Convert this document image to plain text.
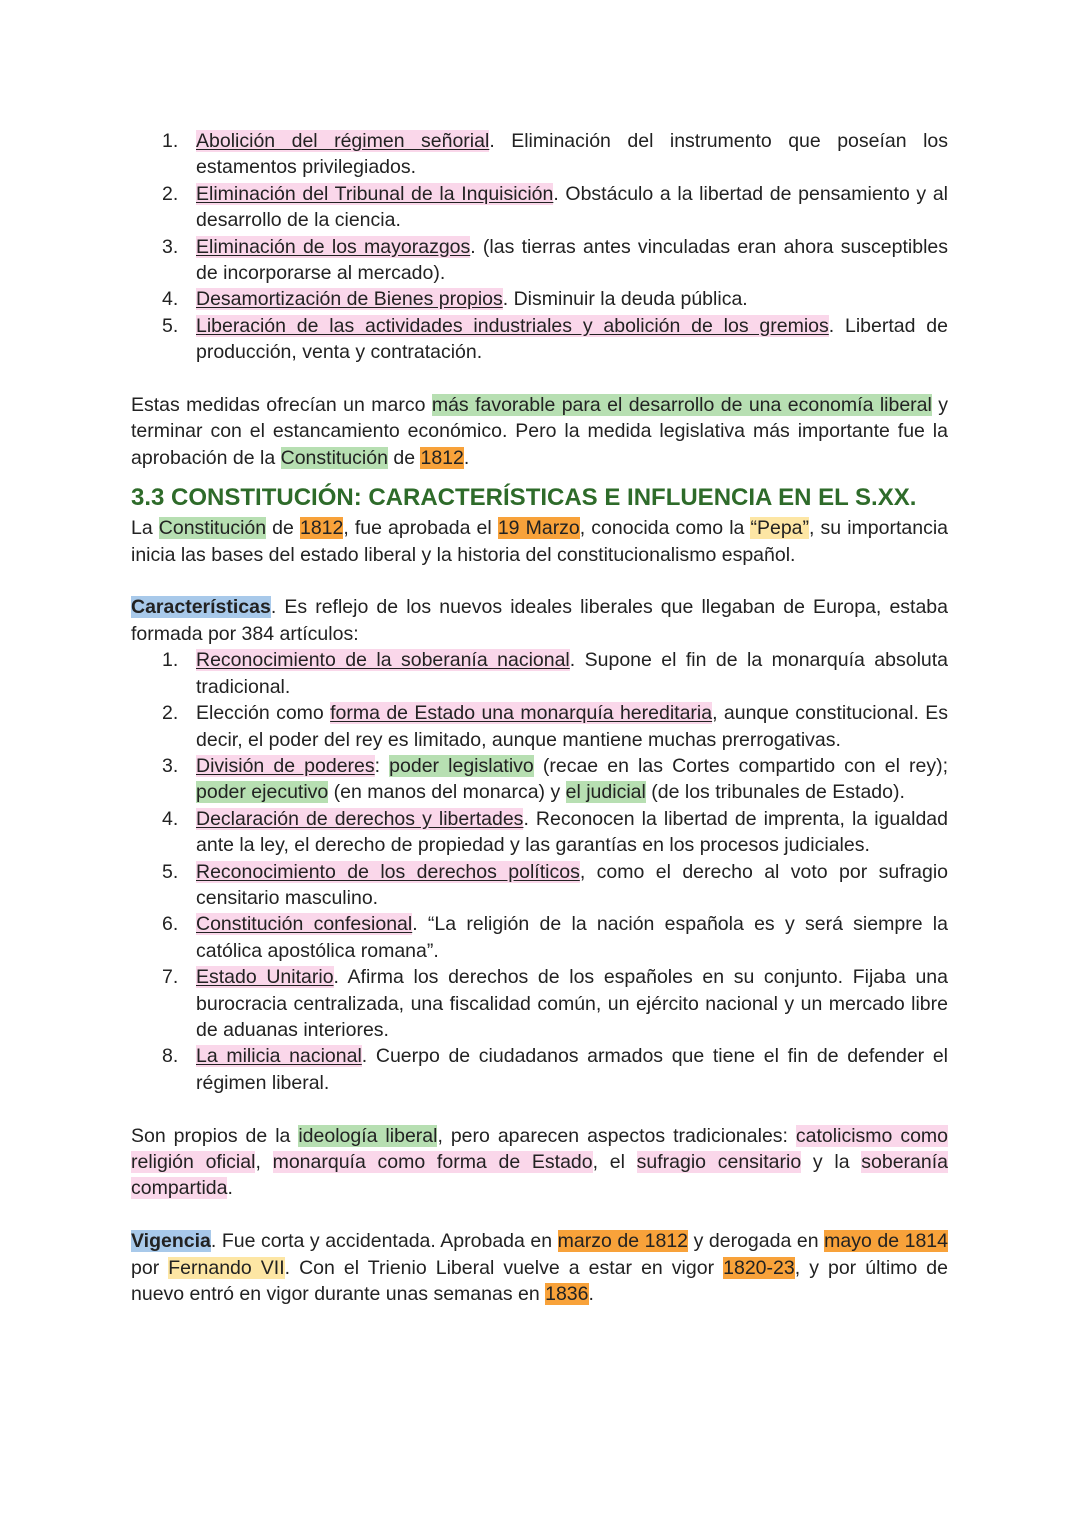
1. Abolición del régimen señorial. Eliminación del instrumento que poseían los estamentos privilegiados.
2. Eliminación del Tribunal de la Inquisición. Obstáculo a la libertad de pensamiento y al desarrollo de la ciencia.
3. Eliminación de los mayorazgos. (las tierras antes vinculadas eran ahora susceptibles de incorporarse al mercado).
4. Desamortización de Bienes propios. Disminuir la deuda pública.
5. Liberación de las actividades industriales y abolición de los gremios. Libertad de producción, venta y contratación.

Estas medidas ofrecían un marco más favorable para el desarrollo de una economía liberal y terminar con el estancamiento económico. Pero la medida legislativa más importante fue la aprobación de la Constitución de 1812.

3.3 CONSTITUCIÓN: CARACTERÍSTICAS E INFLUENCIA EN EL S.XX.

La Constitución de 1812, fue aprobada el 19 Marzo, conocida como la “Pepa”, su importancia inicia las bases del estado liberal y la historia del constitucionalismo español.

Características. Es reflejo de los nuevos ideales liberales que llegaban de Europa, estaba formada por 384 artículos:

1. Reconocimiento de la soberanía nacional. Supone el fin de la monarquía absoluta tradicional.
2. Elección como forma de Estado una monarquía hereditaria, aunque constitucional. Es decir, el poder del rey es limitado, aunque mantiene muchas prerrogativas.
3. División de poderes: poder legislativo (recae en las Cortes compartido con el rey); poder ejecutivo (en manos del monarca) y el judicial (de los tribunales de Estado).
4. Declaración de derechos y libertades. Reconocen la libertad de imprenta, la igualdad ante la ley, el derecho de propiedad y las garantías en los procesos judiciales.
5. Reconocimiento de los derechos políticos, como el derecho al voto por sufragio censitario masculino.
6. Constitución confesional. “La religión de la nación española es y será siempre la católica apostólica romana”.
7. Estado Unitario. Afirma los derechos de los españoles en su conjunto. Fijaba una burocracia centralizada, una fiscalidad común, un ejército nacional y un mercado libre de aduanas interiores.
8. La milicia nacional. Cuerpo de ciudadanos armados que tiene el fin de defender el régimen liberal.

Son propios de la ideología liberal, pero aparecen aspectos tradicionales: catolicismo como religión oficial, monarquía como forma de Estado, el sufragio censitario y la soberanía compartida.

Vigencia. Fue corta y accidentada. Aprobada en marzo de 1812 y derogada en mayo de 1814 por Fernando VII. Con el Trienio Liberal vuelve a estar en vigor 1820-23, y por último de nuevo entró en vigor durante unas semanas en 1836.
